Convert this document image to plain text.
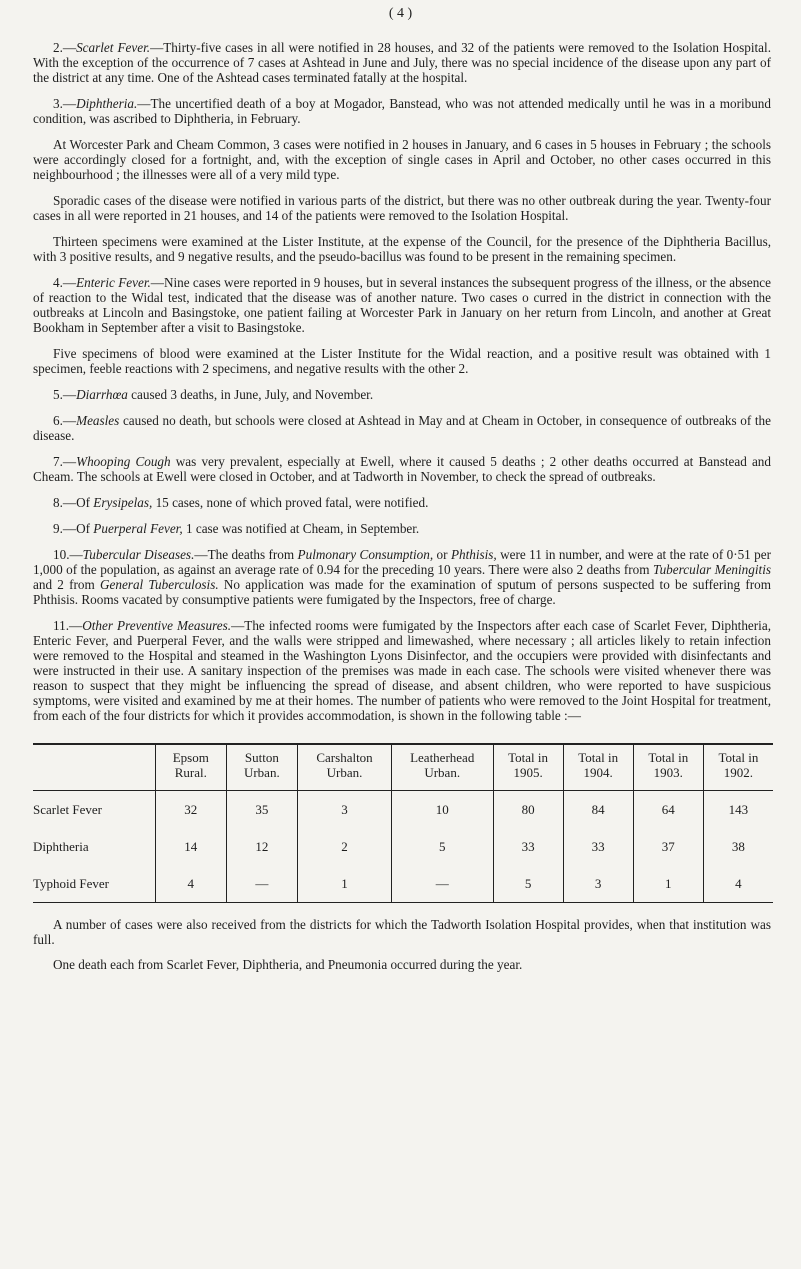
( 4 )

2.—Scarlet Fever.—Thirty-five cases in all were notified in 28 houses, and 32 of the patients were removed to the Isolation Hospital. With the exception of the occurrence of 7 cases at Ashtead in June and July, there was no special incidence of the disease upon any part of the district at any time. One of the Ashtead cases terminated fatally at the hospital.

3.—Diphtheria.—The uncertified death of a boy at Mogador, Banstead, who was not attended medically until he was in a moribund condition, was ascribed to Diphtheria, in February.

At Worcester Park and Cheam Common, 3 cases were notified in 2 houses in January, and 6 cases in 5 houses in February ; the schools were accordingly closed for a fortnight, and, with the exception of single cases in April and October, no other cases occurred in this neighbourhood ; the illnesses were all of a very mild type.

Sporadic cases of the disease were notified in various parts of the district, but there was no other outbreak during the year. Twenty-four cases in all were reported in 21 houses, and 14 of the patients were removed to the Isolation Hospital.

Thirteen specimens were examined at the Lister Institute, at the expense of the Council, for the presence of the Diphtheria Bacillus, with 3 positive results, and 9 negative results, and the pseudo-bacillus was found to be present in the remaining specimen.

4.—Enteric Fever.—Nine cases were reported in 9 houses, but in several instances the subsequent progress of the illness, or the absence of reaction to the Widal test, indicated that the disease was of another nature. Two cases o curred in the district in connection with the outbreaks at Lincoln and Basingstoke, one patient failing at Worcester Park in January on her return from Lincoln, and another at Great Bookham in September after a visit to Basingstoke.

Five specimens of blood were examined at the Lister Institute for the Widal reaction, and a positive result was obtained with 1 specimen, feeble reactions with 2 specimens, and negative results with the other 2.

5.—Diarrhœa caused 3 deaths, in June, July, and November.

6.—Measles caused no death, but schools were closed at Ashtead in May and at Cheam in October, in consequence of outbreaks of the disease.

7.—Whooping Cough was very prevalent, especially at Ewell, where it caused 5 deaths ; 2 other deaths occurred at Banstead and Cheam. The schools at Ewell were closed in October, and at Tadworth in November, to check the spread of outbreaks.

8.—Of Erysipelas, 15 cases, none of which proved fatal, were notified.

9.—Of Puerperal Fever, 1 case was notified at Cheam, in September.

10.—Tubercular Diseases.—The deaths from Pulmonary Consumption, or Phthisis, were 11 in number, and were at the rate of 0·51 per 1,000 of the population, as against an average rate of 0.94 for the preceding 10 years. There were also 2 deaths from Tubercular Meningitis and 2 from General Tuberculosis. No application was made for the examination of sputum of persons suspected to be suffering from Phthisis. Rooms vacated by consumptive patients were fumigated by the Inspectors, free of charge.

11.—Other Preventive Measures.—The infected rooms were fumigated by the Inspectors after each case of Scarlet Fever, Diphtheria, Enteric Fever, and Puerperal Fever, and the walls were stripped and limewashed, where necessary ; all articles likely to retain infection were removed to the Hospital and steamed in the Washington Lyons Disinfector, and the occupiers were provided with disinfectants and were instructed in their use. A sanitary inspection of the premises was made in each case. The schools were visited whenever there was reason to suspect that they might be influencing the spread of disease, and absent children, who were reported to have suspicious symptoms, were visited and examined by me at their homes. The number of patients who were removed to the Joint Hospital for treatment, from each of the four districts for which it provides accommodation, is shown in the following table :—

	Epsom Rural.	Sutton Urban.	Carshalton Urban.	Leatherhead Urban.	Total in 1905.	Total in 1904.	Total in 1903.	Total in 1902.
Scarlet Fever	32	35	3	10	80	84	64	143
Diphtheria	14	12	2	5	33	33	37	38
Typhoid Fever	4	—	1	—	5	3	1	4

A number of cases were also received from the districts for which the Tadworth Isolation Hospital provides, when that institution was full.

One death each from Scarlet Fever, Diphtheria, and Pneumonia occurred during the year.
